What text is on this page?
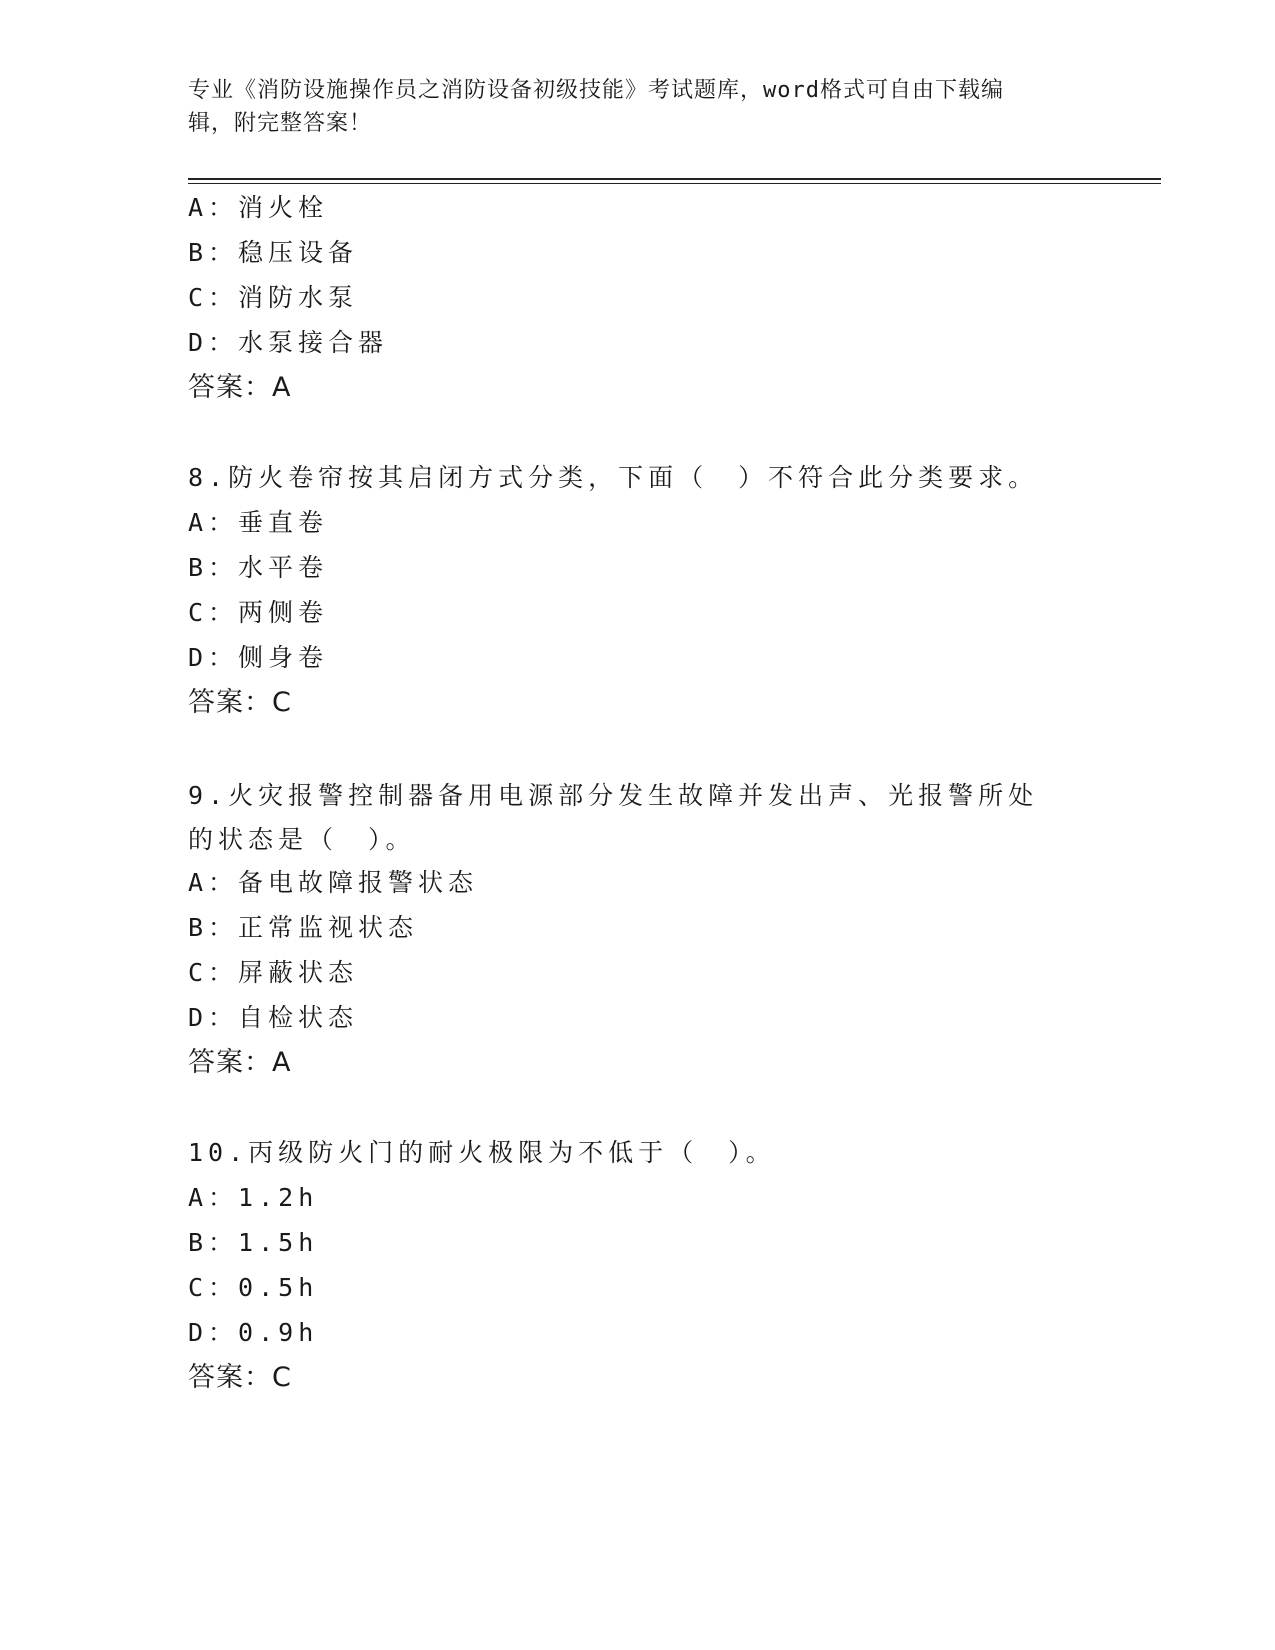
专业《消防设施操作员之消防设备初级技能》考试题库，word格式可自由下载编
辑，附完整答案！
A：消火栓
B：稳压设备
C：消防水泵
D：水泵接合器
答案：A
8.防火卷帘按其启闭方式分类，下面（　）不符合此分类要求。
A：垂直卷
B：水平卷
C：两侧卷
D：侧身卷
答案：C
9.火灾报警控制器备用电源部分发生故障并发出声、光报警所处的状态是（　）。
A：备电故障报警状态
B：正常监视状态
C：屏蔽状态
D：自检状态
答案：A
10.丙级防火门的耐火极限为不低于（　）。
A：1.2h
B：1.5h
C：0.5h
D：0.9h
答案：C
